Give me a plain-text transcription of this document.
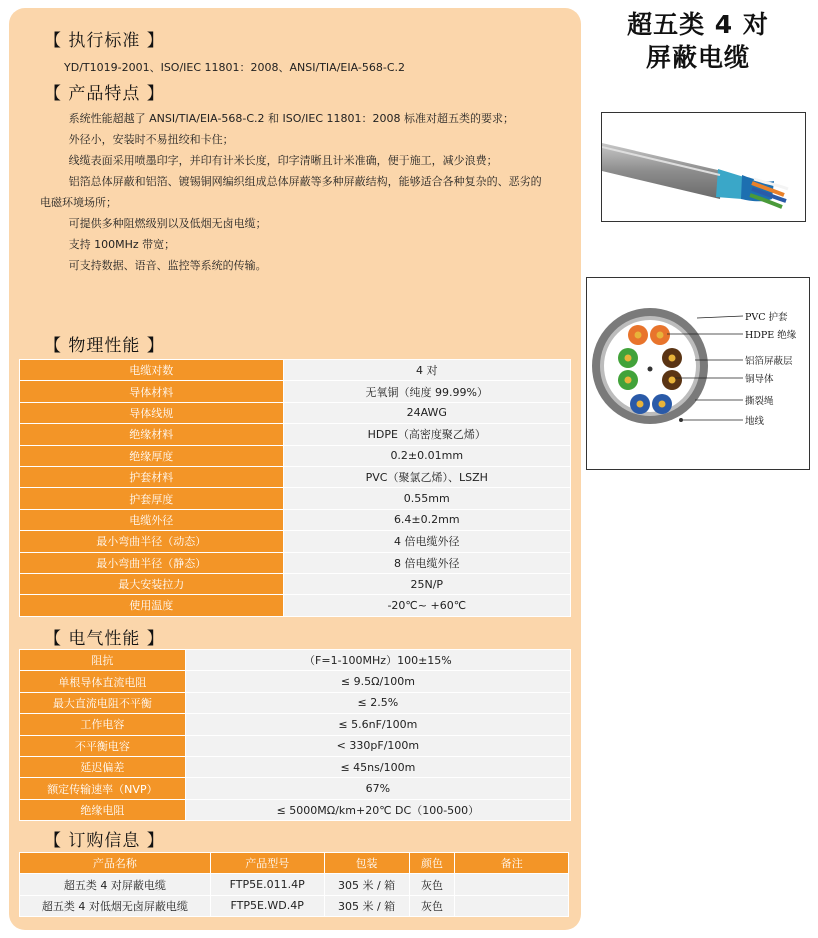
【 执行标准 】
YD/T1019-2001、ISO/IEC 11801：2008、ANSI/TIA/EIA-568-C.2
【 产品特点 】

系统性能超越了 ANSI/TIA/EIA-568-C.2 和 ISO/IEC 11801：2008 标准对超五类的要求；

外径小，安装时不易扭绞和卡住；

线缆表面采用喷墨印字，并印有计米长度，印字清晰且计米准确，便于施工，减少浪费；

铝箔总体屏蔽和铝箔、镀锡铜网编织组成总体屏蔽等多种屏蔽结构，能够适合各种复杂的、恶劣的电磁环境场所；

可提供多种阻燃级别以及低烟无卤电缆；

支持 100MHz 带宽；

可支持数据、语音、监控等系统的传输。

【 物理性能 】
电缆对数	4 对
导体材料	无氧铜（纯度 99.99%）
导体线规	24AWG
绝缘材料	HDPE（高密度聚乙烯）
绝缘厚度	0.2±0.01mm
护套材料	PVC（聚氯乙烯）、LSZH
护套厚度	0.55mm
电缆外径	6.4±0.2mm
最小弯曲半径（动态）	4 倍电缆外径
最小弯曲半径（静态）	8 倍电缆外径
最大安装拉力	25N/P
使用温度	-20℃~ +60℃
【 电气性能 】
阻抗	（F=1-100MHz）100±15%
单根导体直流电阻	≤ 9.5Ω/100m
最大直流电阻不平衡	≤ 2.5%
工作电容	≤ 5.6nF/100m
不平衡电容	< 330pF/100m
延迟偏差	≤ 45ns/100m
额定传输速率（NVP）	67%
绝缘电阻	≤ 5000MΩ/km+20℃ DC（100-500）
【 订购信息 】
产品名称	产品型号	包装	颜色	备注
超五类 4 对屏蔽电缆	FTP5E.011.4P	305 米 / 箱	灰色	
超五类 4 对低烟无卤屏蔽电缆	FTP5E.WD.4P	305 米 / 箱	灰色	
超五类 4 对
屏蔽电缆
PVC 护套
HDPE 绝缘
铝箔屏蔽层
铜导体
撕裂绳
地线
